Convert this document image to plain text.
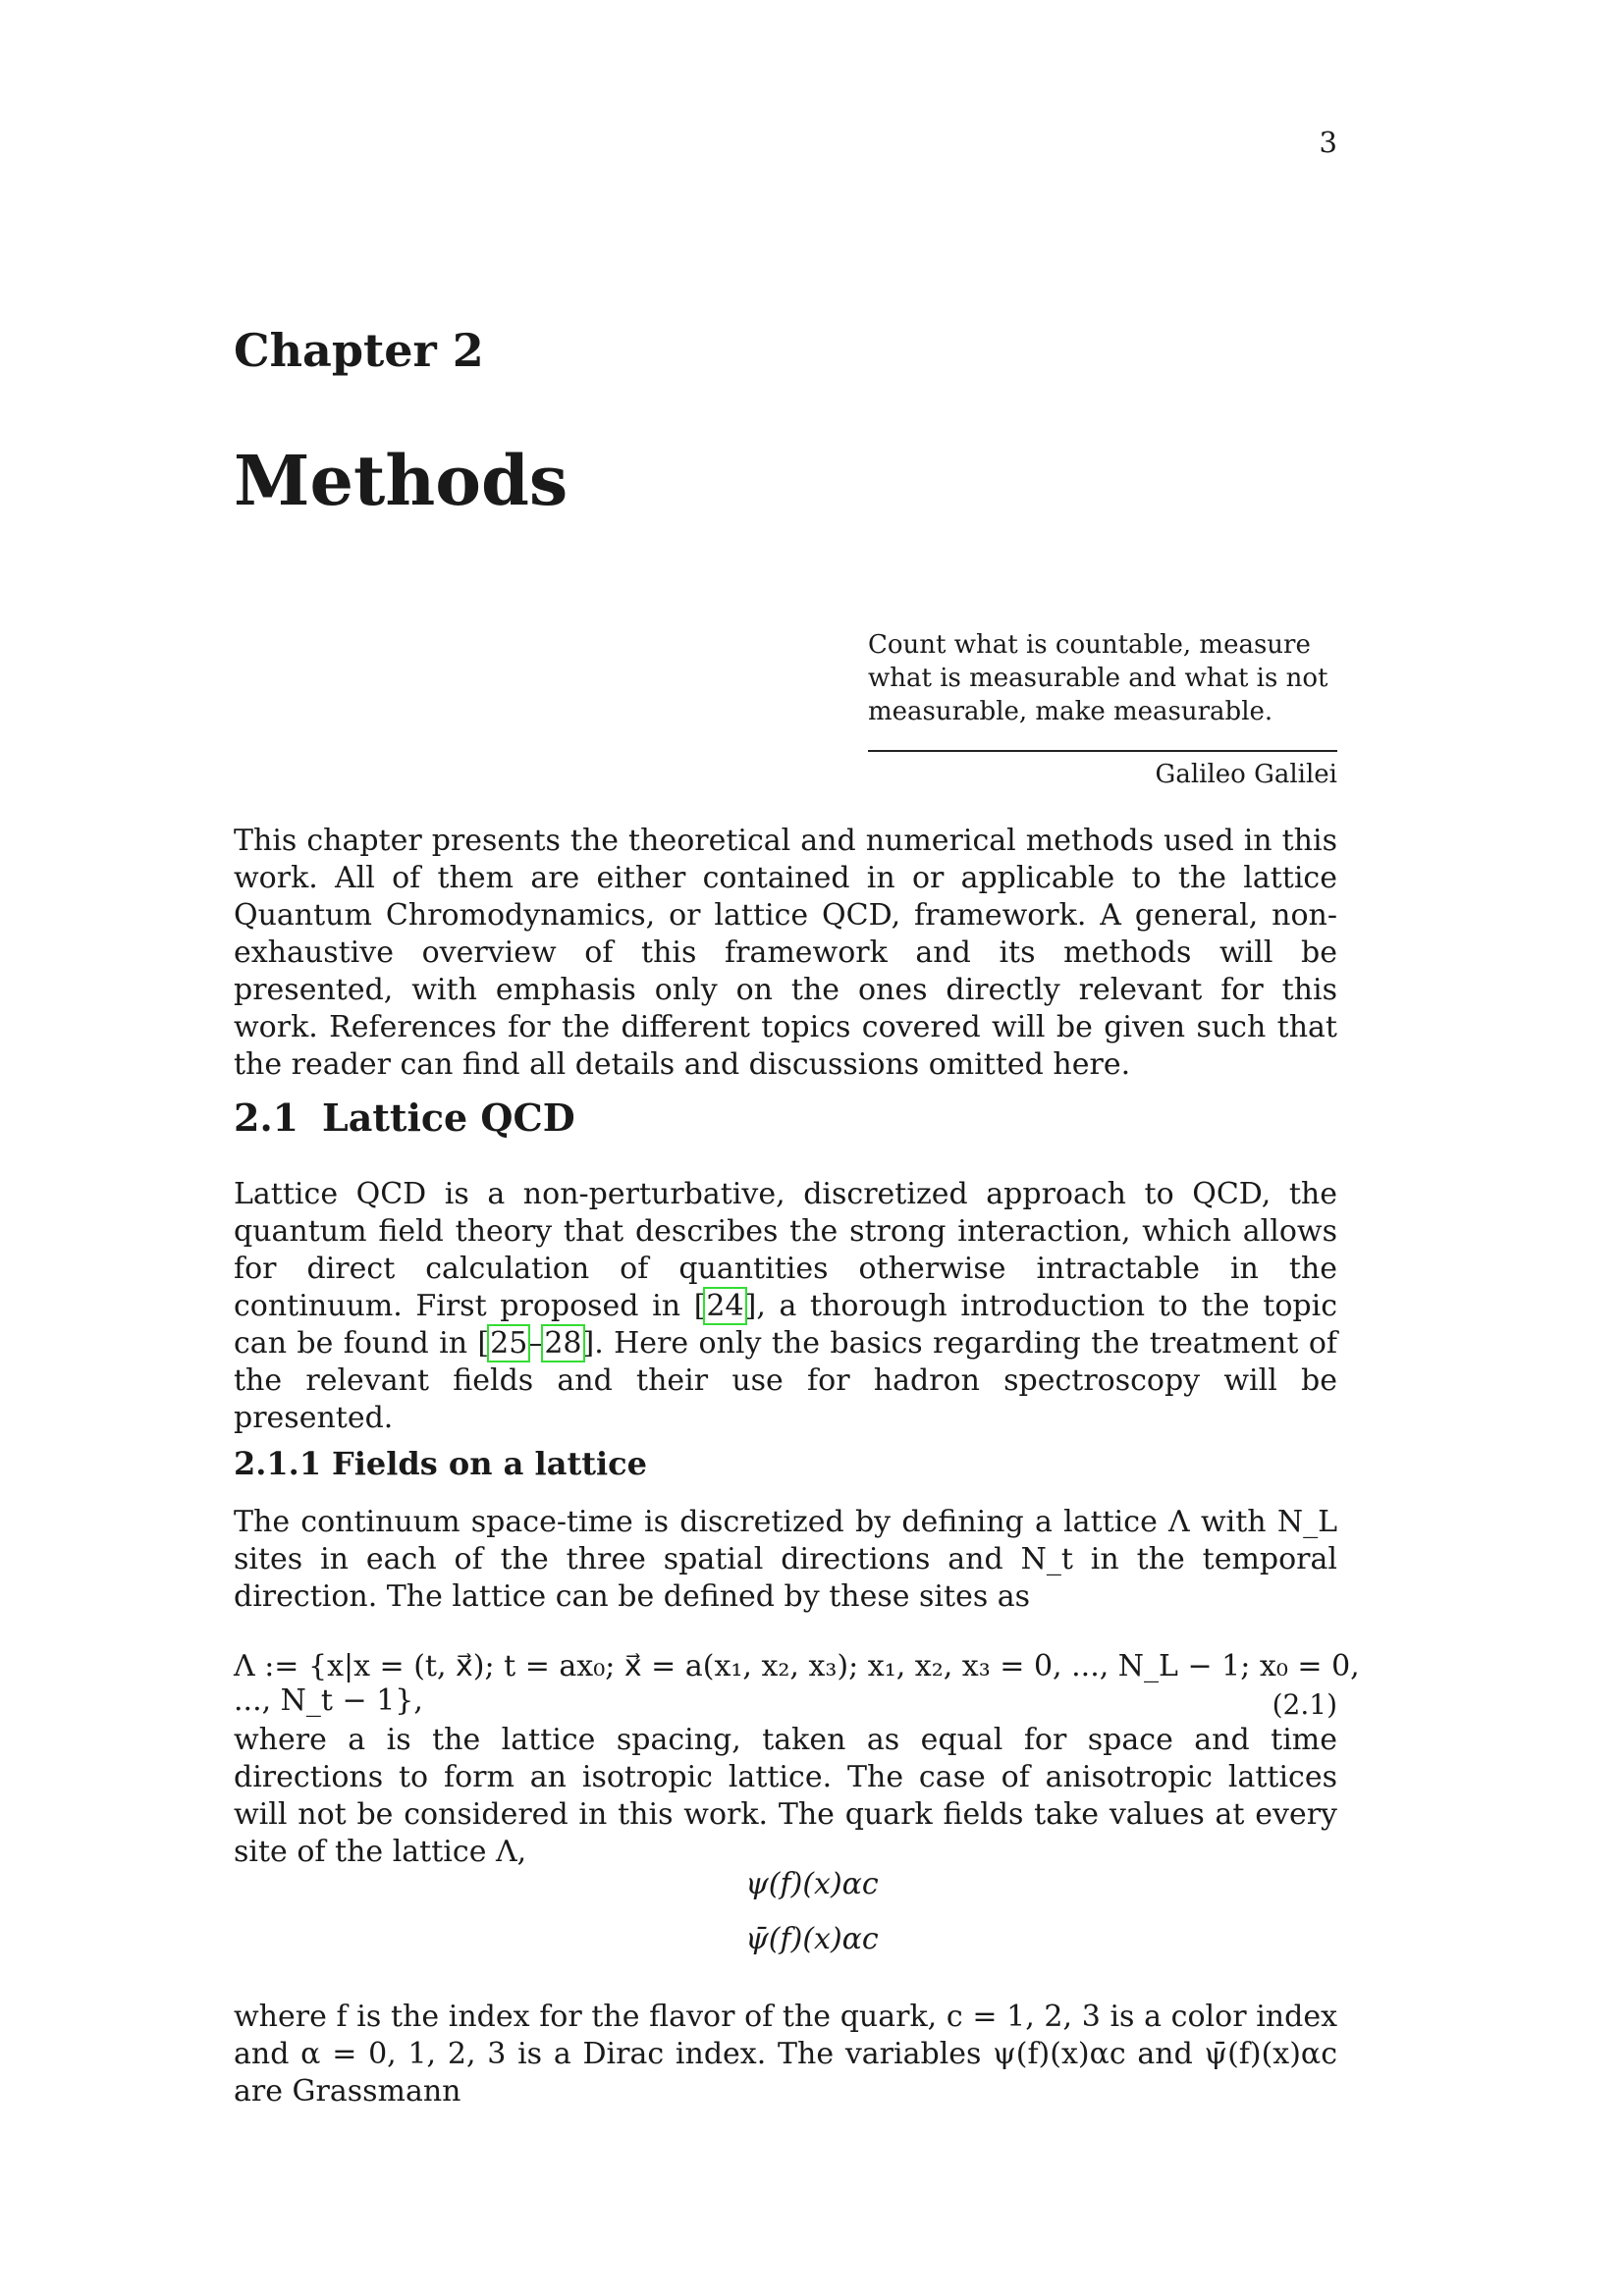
3
Chapter 2
Methods
Count what is countable, measure what is measurable and what is not measurable, make measurable.
Galileo Galilei

This chapter presents the theoretical and numerical methods used in this work. All of them are either contained in or applicable to the lattice Quantum Chromodynamics, or lattice QCD, framework. A general, non-exhaustive overview of this framework and its methods will be presented, with emphasis only on the ones directly relevant for this work. References for the different topics covered will be given such that the reader can find all details and discussions omitted here.

2.1 Lattice QCD

Lattice QCD is a non-perturbative, discretized approach to QCD, the quantum field theory that describes the strong interaction, which allows for direct calculation of quantities otherwise intractable in the continuum. First proposed in [24], a thorough introduction to the topic can be found in [25–28]. Here only the basics regarding the treatment of the relevant fields and their use for hadron spectroscopy will be presented.

2.1.1 Fields on a lattice

The continuum space-time is discretized by defining a lattice Λ with N_L sites in each of the three spatial directions and N_t in the temporal direction. The lattice can be defined by these sites as

Λ := {x|x = (t, x⃗); t = ax₀; x⃗ = a(x₁, x₂, x₃); x₁, x₂, x₃ = 0, ..., N_L − 1; x₀ = 0, ..., N_t − 1},	(2.1)

where a is the lattice spacing, taken as equal for space and time directions to form an isotropic lattice. The case of anisotropic lattices will not be considered in this work. The quark fields take values at every site of the lattice Λ,

ψ(f)(x)αc
ψ̄(f)(x)αc

where f is the index for the flavor of the quark, c = 1, 2, 3 is a color index and α = 0, 1, 2, 3 is a Dirac index. The variables ψ(f)(x)αc and ψ̄(f)(x)αc are Grassmann
